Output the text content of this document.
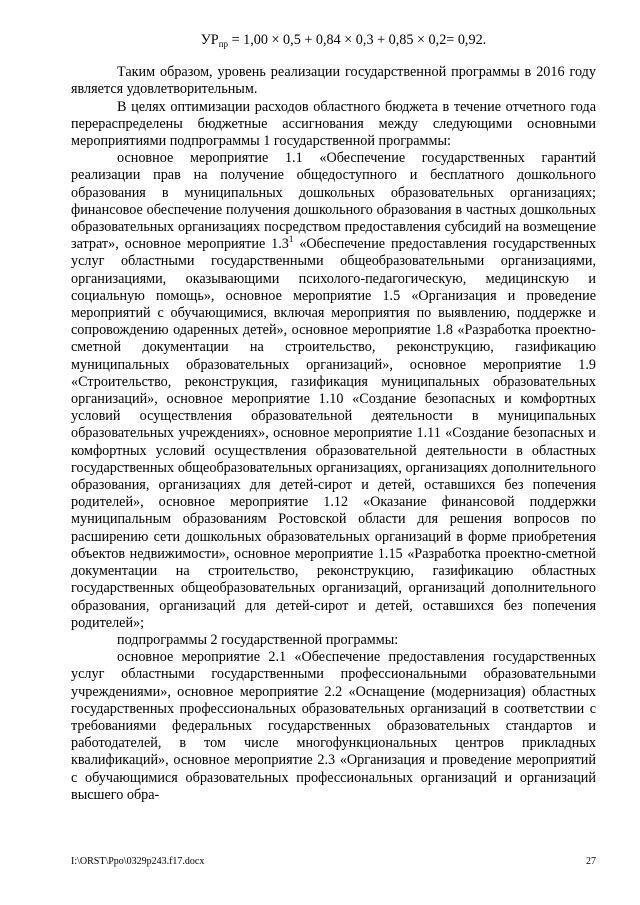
$УР_{пр} = 1,00 \times 0,5 + 0,84 \times 0,3 + 0,85 \times 0,2= 0,92$.

Таким образом, уровень реализации государственной программы в 2016 году является удовлетворительным.

В целях оптимизации расходов областного бюджета в течение отчетного года перераспределены бюджетные ассигнования между следующими основными мероприятиями подпрограммы 1 государственной программы:

основное мероприятие 1.1 «Обеспечение государственных гарантий реализации прав на получение общедоступного и бесплатного дошкольного образования в муниципальных дошкольных образовательных организациях; финансовое обеспечение получения дошкольного образования в частных дошкольных образовательных организациях посредством предоставления субсидий на возмещение затрат», основное мероприятие $1.3^1$ «Обеспечение предоставления государственных услуг областными государственными общеобразовательными организациями, организациями, оказывающими психолого-педагогическую, медицинскую и социальную помощь», основное мероприятие 1.5 «Организация и проведение мероприятий с обучающимися, включая мероприятия по выявлению, поддержке и сопровождению одаренных детей», основное мероприятие 1.8 «Разработка проектно-сметной документации на строительство, реконструкцию, газификацию муниципальных образовательных организаций», основное мероприятие 1.9 «Строительство, реконструкция, газификация муниципальных образовательных организаций», основное мероприятие 1.10 «Создание безопасных и комфортных условий осуществления образовательной деятельности в муниципальных образовательных учреждениях», основное мероприятие 1.11 «Создание безопасных и комфортных условий осуществления образовательной деятельности в областных государственных общеобразовательных организациях, организациях дополнительного образования, организациях для детей-сирот и детей, оставшихся без попечения родителей», основное мероприятие 1.12 «Оказание финансовой поддержки муниципальным образованиям Ростовской области для решения вопросов по расширению сети дошкольных образовательных организаций в форме приобретения объектов недвижимости», основное мероприятие 1.15 «Разработка проектно-сметной документации на строительство, реконструкцию, газификацию областных государственных общеобразовательных организаций, организаций дополнительного образования, организаций для детей-сирот и детей, оставшихся без попечения родителей»;

подпрограммы 2 государственной программы:

основное мероприятие 2.1 «Обеспечение предоставления государственных услуг областными государственными профессиональными образовательными учреждениями», основное мероприятие 2.2 «Оснащение (модернизация) областных государственных профессиональных образовательных организаций в соответствии с требованиями федеральных государственных образовательных стандартов и работодателей, в том числе многофункциональных центров прикладных квалификаций», основное мероприятие 2.3 «Организация и проведение мероприятий с обучающимися образовательных профессиональных организаций и организаций высшего обра-

I:\ORST\Ppo\0329p243.f17.docx	27
